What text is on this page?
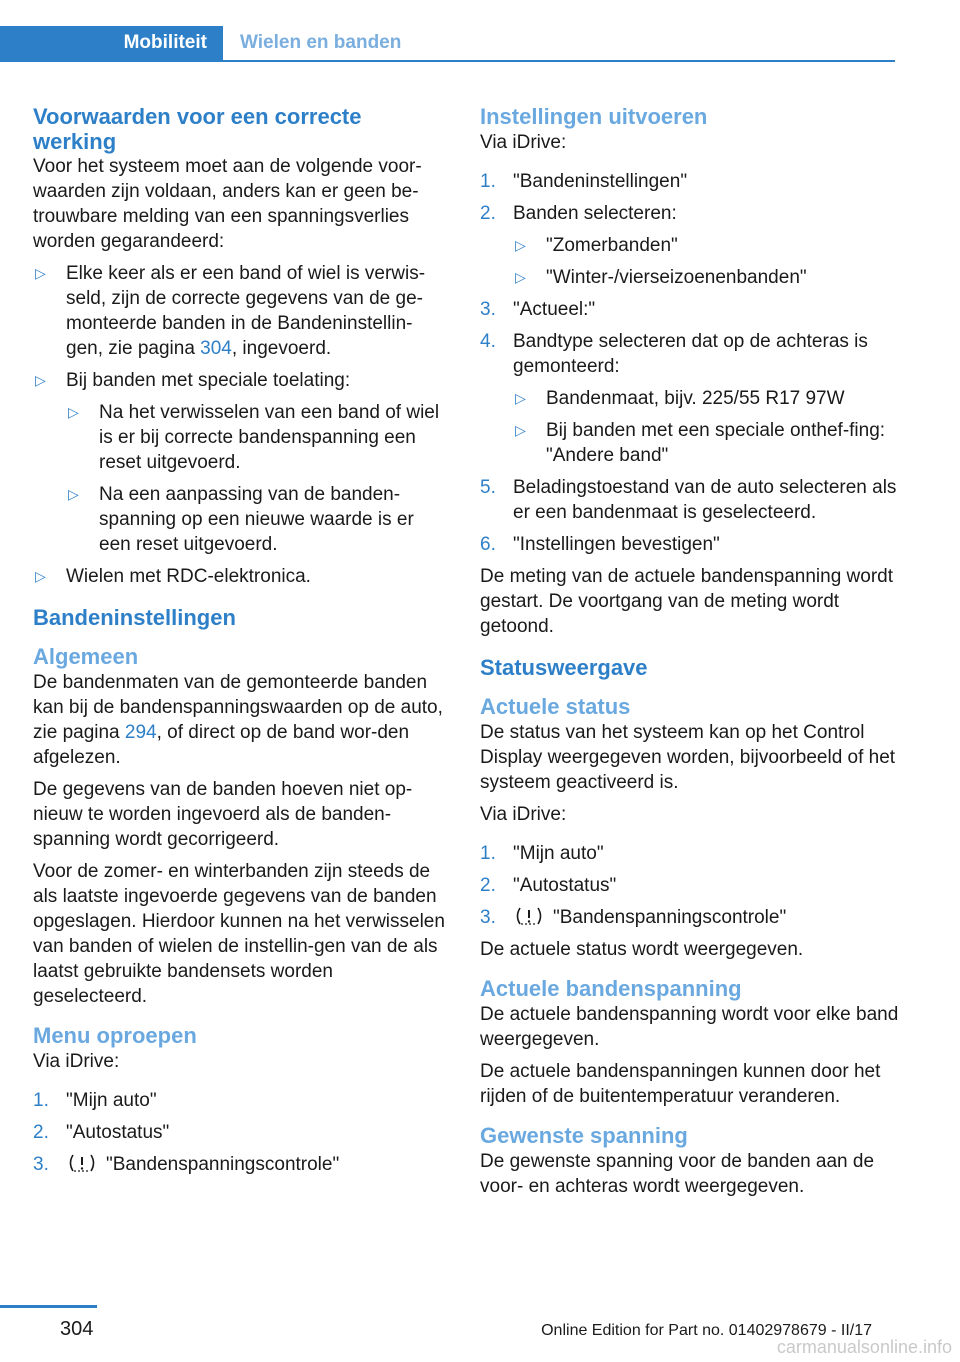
Mobiliteit	Wielen en banden
Voorwaarden voor een correcte werking

Voor het systeem moet aan de volgende voor‐waarden zijn voldaan, anders kan er geen be‐trouwbare melding van een spanningsverlies worden gegarandeerd:

▷ Elke keer als er een band of wiel is verwis‐seld, zijn de correcte gegevens van de ge‐monteerde banden in de Bandeninstellin‐gen, zie pagina 304, ingevoerd.
▷ Bij banden met speciale toelating:
▷ Na het verwisselen van een band of wiel is er bij correcte bandenspanning een reset uitgevoerd.
▷ Na een aanpassing van de banden‐spanning op een nieuwe waarde is er een reset uitgevoerd.
▷ Wielen met RDC-elektronica.
Bandeninstellingen
Algemeen

De bandenmaten van de gemonteerde banden kan bij de bandenspanningswaarden op de auto, zie pagina 294, of direct op de band wor‐den afgelezen.

De gegevens van de banden hoeven niet op‐nieuw te worden ingevoerd als de banden‐spanning wordt gecorrigeerd.

Voor de zomer- en winterbanden zijn steeds de als laatste ingevoerde gegevens van de banden opgeslagen. Hierdoor kunnen na het verwisselen van banden of wielen de instellin‐gen van de als laatst gebruikte bandensets worden geselecteerd.

Menu oproepen

Via iDrive:

1. "Mijn auto"
2. "Autostatus"
3.	"Bandenspanningscontrole"
Instellingen uitvoeren

Via iDrive:

1. "Bandeninstellingen"
2. Banden selecteren:
▷ "Zomerbanden"
▷ "Winter-/vierseizoenenbanden"
3. "Actueel:"
4. Bandtype selecteren dat op de achteras is gemonteerd:
▷ Bandenmaat, bijv. 225/55 R17 97W
▷ Bij banden met een speciale onthef‐fing: "Andere band"
5. Beladingstoestand van de auto selecteren als er een bandenmaat is geselecteerd.
6. "Instellingen bevestigen"

De meting van de actuele bandenspanning wordt gestart. De voortgang van de meting wordt getoond.

Statusweergave
Actuele status

De status van het systeem kan op het Control Display weergegeven worden, bijvoorbeeld of het systeem geactiveerd is.

Via iDrive:

1. "Mijn auto"
2. "Autostatus"
3.	"Bandenspanningscontrole"

De actuele status wordt weergegeven.

Actuele bandenspanning

De actuele bandenspanning wordt voor elke band weergegeven.

De actuele bandenspanningen kunnen door het rijden of de buitentemperatuur veranderen.

Gewenste spanning

De gewenste spanning voor de banden aan de voor- en achteras wordt weergegeven.

304	Online Edition for Part no. 01402978679 - II/17
carmanualsonline.info
